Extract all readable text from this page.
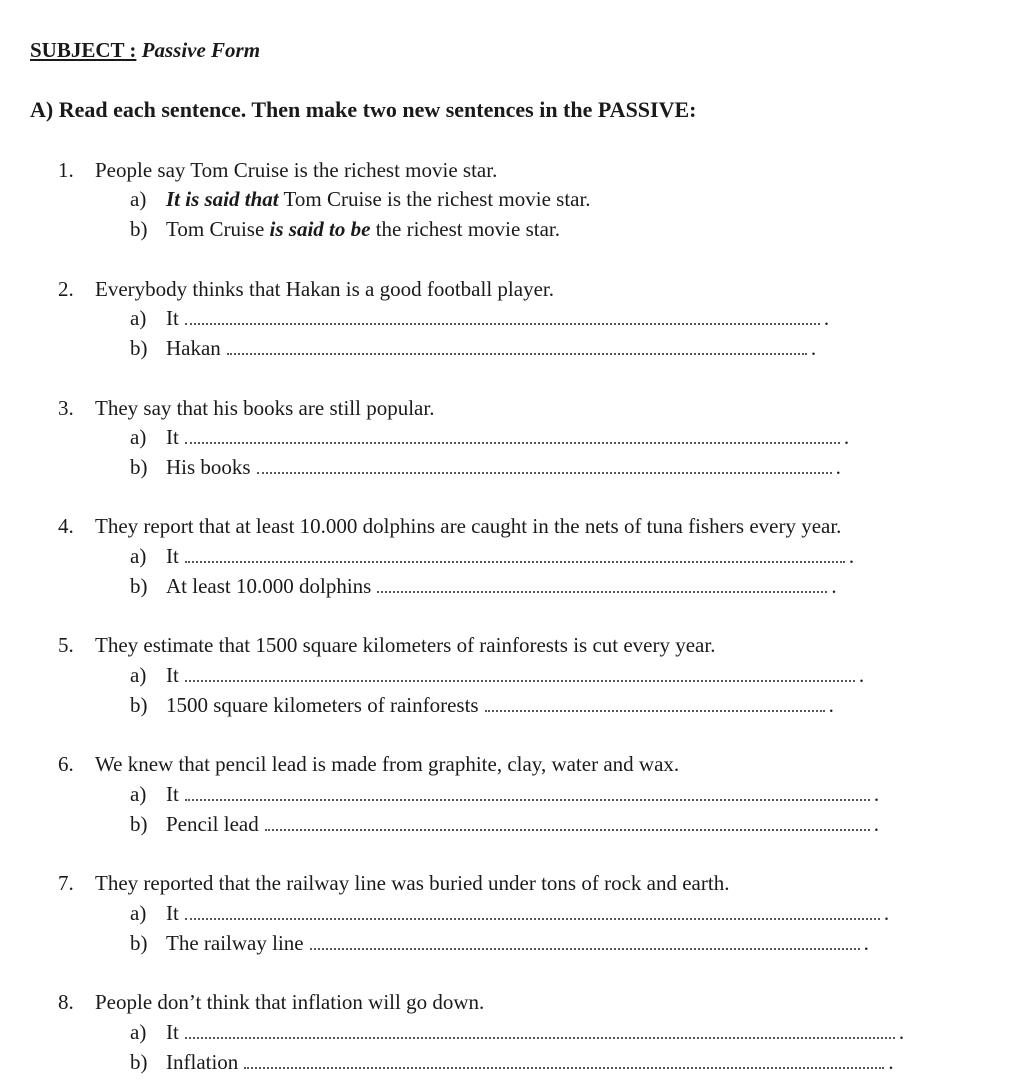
SUBJECT : Passive Form
A) Read each sentence. Then make two new sentences in the PASSIVE:
1. People say Tom Cruise is the richest movie star.
a) It is said that Tom Cruise is the richest movie star.
b) Tom Cruise is said to be the richest movie star.
2. Everybody thinks that Hakan is a good football player.
a) It	.
b) Hakan	.
3. They say that his books are still popular.
a) It	.
b) His books	.
4. They report that at least 10.000 dolphins are caught in the nets of tuna fishers every year.
a) It	.
b) At least 10.000 dolphins	.
5. They estimate that 1500 square kilometers of rainforests is cut every year.
a) It	.
b) 1500 square kilometers of rainforests	.
6. We knew that pencil lead is made from graphite, clay, water and wax.
a) It	.
b) Pencil lead	.
7. They reported that the railway line was buried under tons of rock and earth.
a) It	.
b) The railway line	.
8. People don’t think that inflation will go down.
a) It	.
b) Inflation	.
